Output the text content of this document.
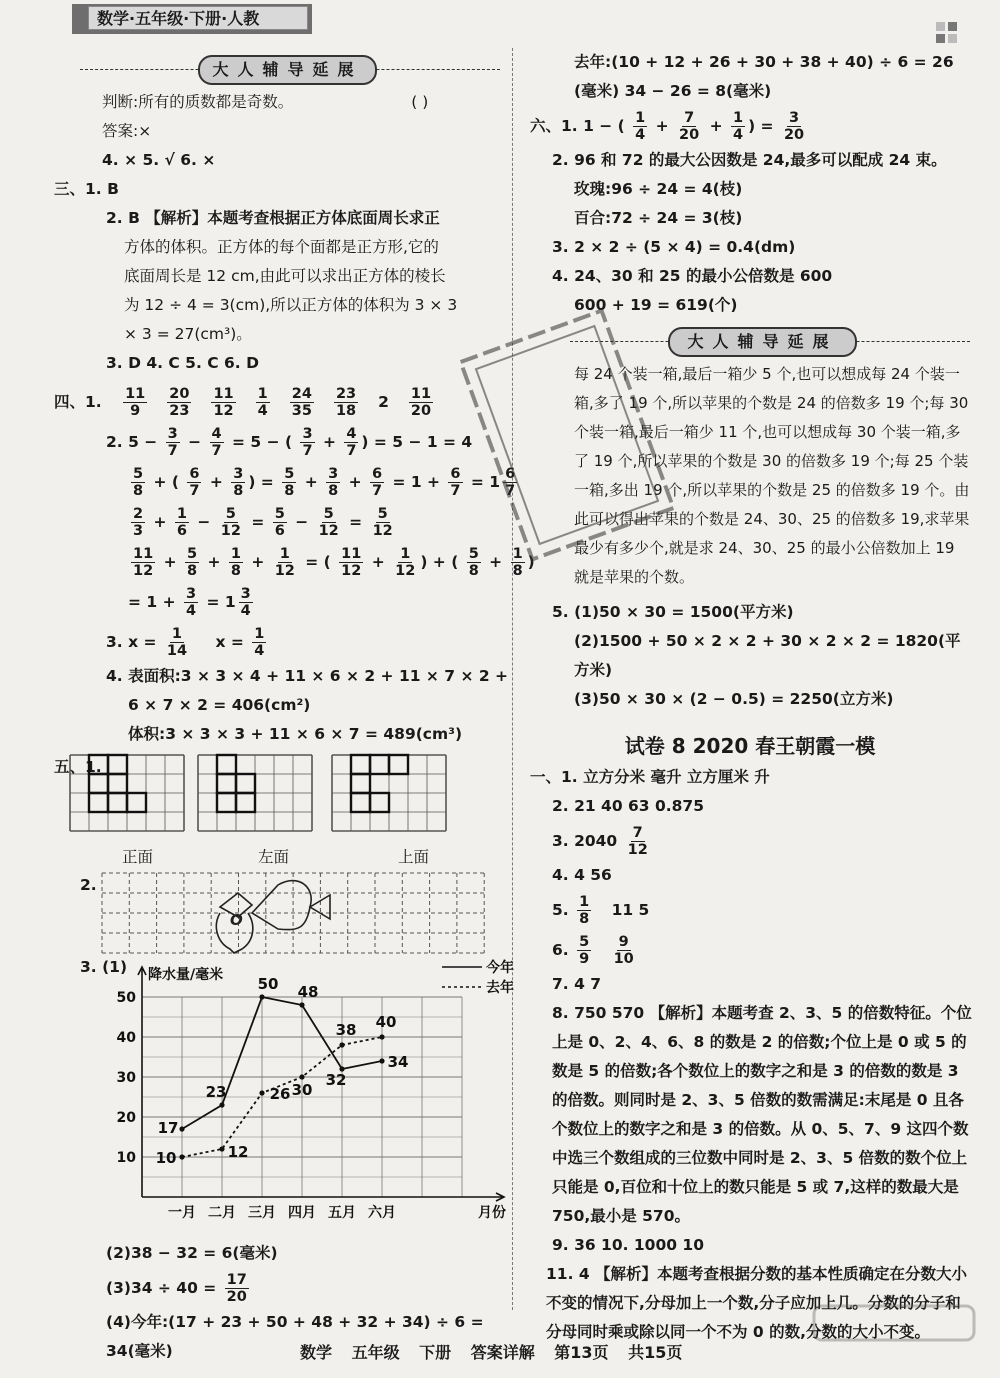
数学·五年级·下册·人教
大人辅导延展
判断:所有的质数都是奇数。	( )
答案:×
4. × 5. √ 6. ×
三、1. B
2. B 【解析】本题考查根据正方体底面周长求正
方体的体积。正方体的每个面都是正方形,它的
底面周长是 12 cm,由此可以求出正方体的棱长
为 12 ÷ 4 = 3(cm),所以正方体的体积为 3 × 3
× 3 = 27(cm³)。
3. D 4. C 5. C 6. D
四、1. $\frac{11}{9} \frac{20}{23} \frac{11}{12} \frac{1}{4} \frac{24}{35} \frac{23}{18} 2 \frac{11}{20}$
2. $5 - \frac{3}{7} - \frac{4}{7} = 5$ − ( $\frac{3}{7} + \frac{4}{7}$ ) = 5 − 1 = 4
$\frac{5}{8}$ + ( $\frac{6}{7} + \frac{3}{8}$ ) = $\frac{5}{8} + \frac{3}{8} + \frac{6}{7} = 1 + \frac{6}{7} = 1 \frac{6}{7}$
$\frac{2}{3} + \frac{1}{6} - \frac{5}{12} = \frac{5}{6} - \frac{5}{12} = \frac{5}{12}$
$\frac{11}{12} + \frac{5}{8} + \frac{1}{8} + \frac{1}{12}$ = ( $\frac{11}{12} + \frac{1}{12}$ ) + ( $\frac{5}{8} + \frac{1}{8}$ )
= $1 + \frac{3}{4} = 1 \frac{3}{4}$
3. $x = \frac{1}{14}$ $x = \frac{1}{4}$
4. 表面积:3 × 3 × 4 + 11 × 6 × 2 + 11 × 7 × 2 +
6 × 7 × 2 = 406(cm²)
体积:3 × 3 × 3 + 11 × 6 × 7 = 489(cm³)
五、1.
正面	左面	上面
2.
O
3. (1) 降水量/毫米
10
20
30
40
50
一月 二月 三月 四月 五月 六月	月份
17
23
50 48
32
34
今年
10	12
26 30
38 40
去年
(2)38 − 32 = 6(毫米)
$(3)34 \div 40 = \frac{17}{20}$
(4)今年:(17 + 23 + 50 + 48 + 32 + 34) ÷ 6 =
34(毫米)
去年:(10 + 12 + 26 + 30 + 38 + 40) ÷ 6 = 26
(毫米) 34 − 26 = 8(毫米)
六、1. 1 − ( $\frac{1}{4} + \frac{7}{20} + \frac{1}{4}$ ) = $\frac{3}{20}$
2. 96 和 72 的最大公因数是 24,最多可以配成 24 束。
玫瑰:96 ÷ 24 = 4(枝)
百合:72 ÷ 24 = 3(枝)
3. 2 × 2 ÷ (5 × 4) = 0.4(dm)
4. 24、30 和 25 的最小公倍数是 600
600 + 19 = 619(个)
大人辅导延展
每 24 个装一箱,最后一箱少 5 个,也可以想成每 24 个装一箱,多了 19 个,所以苹果的个数是 24 的倍数多 19 个;每 30 个装一箱,最后一箱少 11 个,也可以想成每 30 个装一箱,多了 19 个,所以苹果的个数是 30 的倍数多 19 个;每 25 个装一箱,多出 19 个,所以苹果的个数是 25 的倍数多 19 个。由此可以得出苹果的个数是 24、30、25 的倍数多 19,求苹果最少有多少个,就是求 24、30、25 的最小公倍数加上 19 就是苹果的个数。
5. (1)50 × 30 = 1500(平方米)
(2)1500 + 50 × 2 × 2 + 30 × 2 × 2 = 1820(平
方米)
(3)50 × 30 × (2 − 0.5) = 2250(立方米)
试卷 8 2020 春王朝霞一模
一、1. 立方分米 毫升 立方厘米 升
2. 21 40 63 0.875
3. $2040 \frac{7}{12}$
4. 4 56
5. $\frac{1}{8} 11$ 5
6. $\frac{5}{9}$
$\frac{9}{10}$
7. 4 7
8. 750 570 【解析】本题考查 2、3、5 的倍数特征。个位上是 0、2、4、6、8 的数是 2 的倍数;个位上是 0 或 5 的数是 5 的倍数;各个数位上的数字之和是 3 的倍数的数是 3 的倍数。则同时是 2、3、5 倍数的数需满足:末尾是 0 且各个数位上的数字之和是 3 的倍数。从 0、5、7、9 这四个数中选三个数组成的三位数中同时是 2、3、5 倍数的数个位上只能是 0,百位和十位上的数只能是 5 或 7,这样的数最大是 750,最小是 570。
9. 36 10. 1000 10
11. 4 【解析】本题考查根据分数的基本性质确定在分数大小不变的情况下,分母加上一个数,分子应加上几。分数的分子和分母同时乘或除以同一个不为 0 的数,分数的大小不变。
数学 五年级 下册 答案详解 第13页 共15页
